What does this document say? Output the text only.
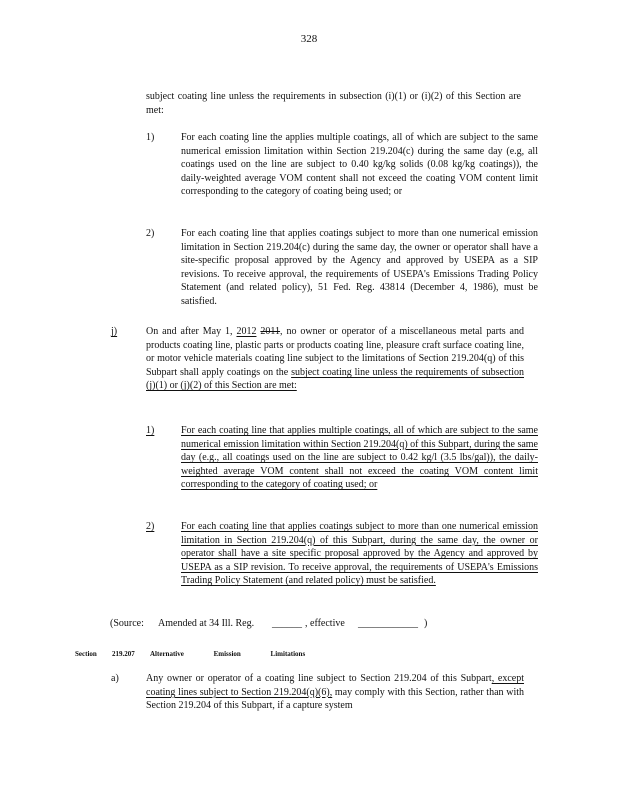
328
subject coating line unless the requirements in subsection (i)(1) or (i)(2) of this Section are met:
1)	For each coating line the applies multiple coatings, all of which are subject to the same numerical emission limitation within Section 219.204(c) during the same day (e.g, all coatings used on the line are subject to 0.40 kg/kg solids (0.08 kg/kg coatings)), the daily-weighted average VOM content shall not exceed the coating VOM content limit corresponding to the category of coating being used; or
2)	For each coating line that applies coatings subject to more than one numerical emission limitation in Section 219.204(c) during the same day, the owner or operator shall have a site-specific proposal approved by the Agency and approved by USEPA as a SIP revisions. To receive approval, the requirements of USEPA's Emissions Trading Policy Statement (and related policy), 51 Fed. Reg. 43814 (December 4, 1986), must be satisfied.
j)	On and after May 1, 2012 2011, no owner or operator of a miscellaneous metal parts and products coating line, plastic parts or products coating line, pleasure craft surface coating line, or motor vehicle materials coating line subject to the limitations of Section 219.204(q) of this Subpart shall apply coatings on the subject coating line unless the requirements of subsection (j)(1) or (j)(2) of this Section are met:
1)	For each coating line that applies multiple coatings, all of which are subject to the same numerical emission limitation within Section 219.204(q) of this Subpart, during the same day (e.g., all coatings used on the line are subject to 0.42 kg/l (3.5 lbs/gal)), the daily-weighted average VOM content shall not exceed the coating VOM content limit corresponding to the category of coating used; or
2)	For each coating line that applies coatings subject to more than one numerical emission limitation in Section 219.204(q) of this Subpart, during the same day, the owner or operator shall have a site specific proposal approved by the Agency and approved by USEPA as a SIP revision. To receive approval, the requirements of USEPA's Emissions Trading Policy Statement (and related policy) must be satisfied.
(Source: Amended at 34 Ill. Reg. ______ , effective ____________ )
Section 219.207 Alternative Emission Limitations
a)	Any owner or operator of a coating line subject to Section 219.204 of this Subpart, except coating lines subject to Section 219.204(q)(6), may comply with this Section, rather than with Section 219.204 of this Subpart, if a capture system
